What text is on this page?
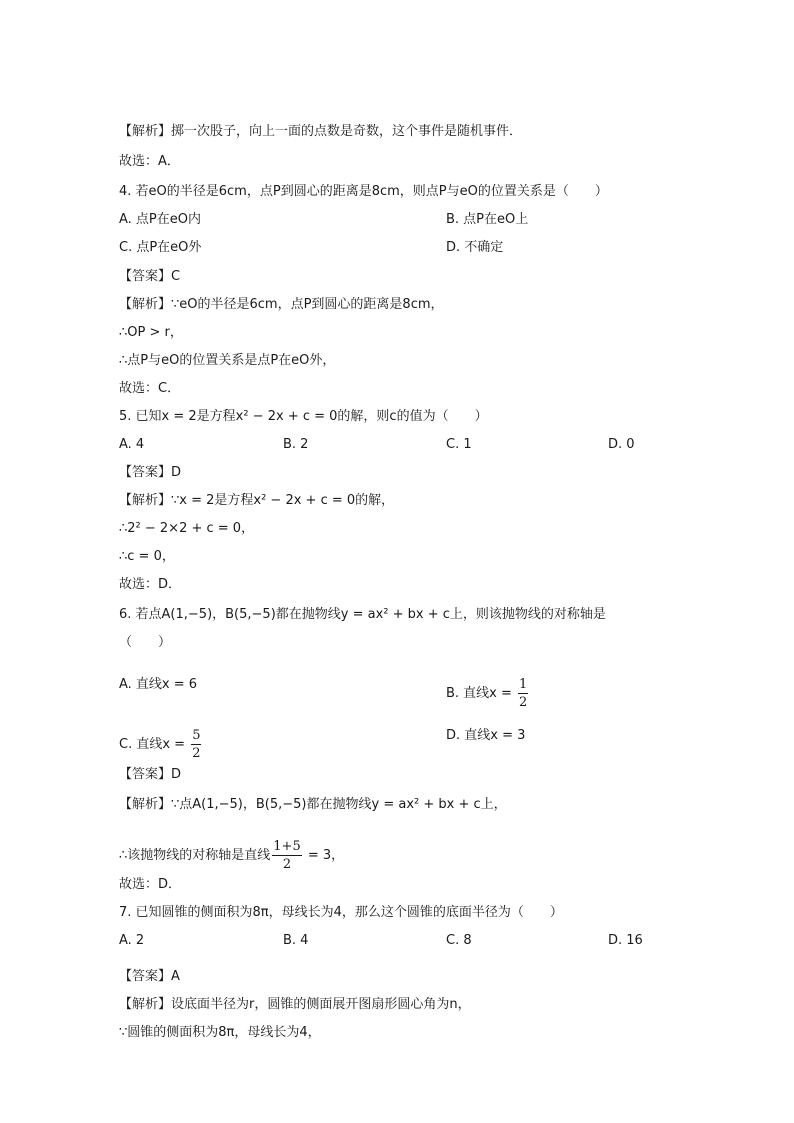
【解析】掷一次股子，向上一面的点数是奇数，这个事件是随机事件．
故选：A．
4. 若eO的半径是6cm，点P到圆心的距离是8cm，则点P与eO的位置关系是（　　）
A. 点P在eO内	B. 点P在eO上
C. 点P在eO外	D. 不确定
【答案】C
【解析】∵eO的半径是6cm，点P到圆心的距离是8cm，
∴OP > r，
∴点P与eO的位置关系是点P在eO外，
故选：C．
5. 已知x = 2是方程x² − 2x + c = 0的解，则c的值为（　　）
A. 4	B. 2	C. 1	D. 0
【答案】D
【解析】∵x = 2是方程x² − 2x + c = 0的解，
∴2² − 2×2 + c = 0，
∴c = 0，
故选：D．
6. 若点A(1,−5)，B(5,−5)都在抛物线y = ax² + bx + c上，则该抛物线的对称轴是
（　　）
A. 直线x = 6
B. 直线$x = \frac{1}{2}$
C. 直线$x = \frac{5}{2}$	D. 直线x = 3
【答案】D
【解析】∵点A(1,−5)，B(5,−5)都在抛物线y = ax² + bx + c上，
∴该抛物线的对称轴是直线 $\frac{1+5}{2} = 3$，
故选：D．
7. 已知圆锥的侧面积为8π，母线长为4，那么这个圆锥的底面半径为（　　）
A. 2	B. 4	C. 8	D. 16
【答案】A
【解析】设底面半径为r，圆锥的侧面展开图扇形圆心角为n，
∵圆锥的侧面积为8π，母线长为4，
